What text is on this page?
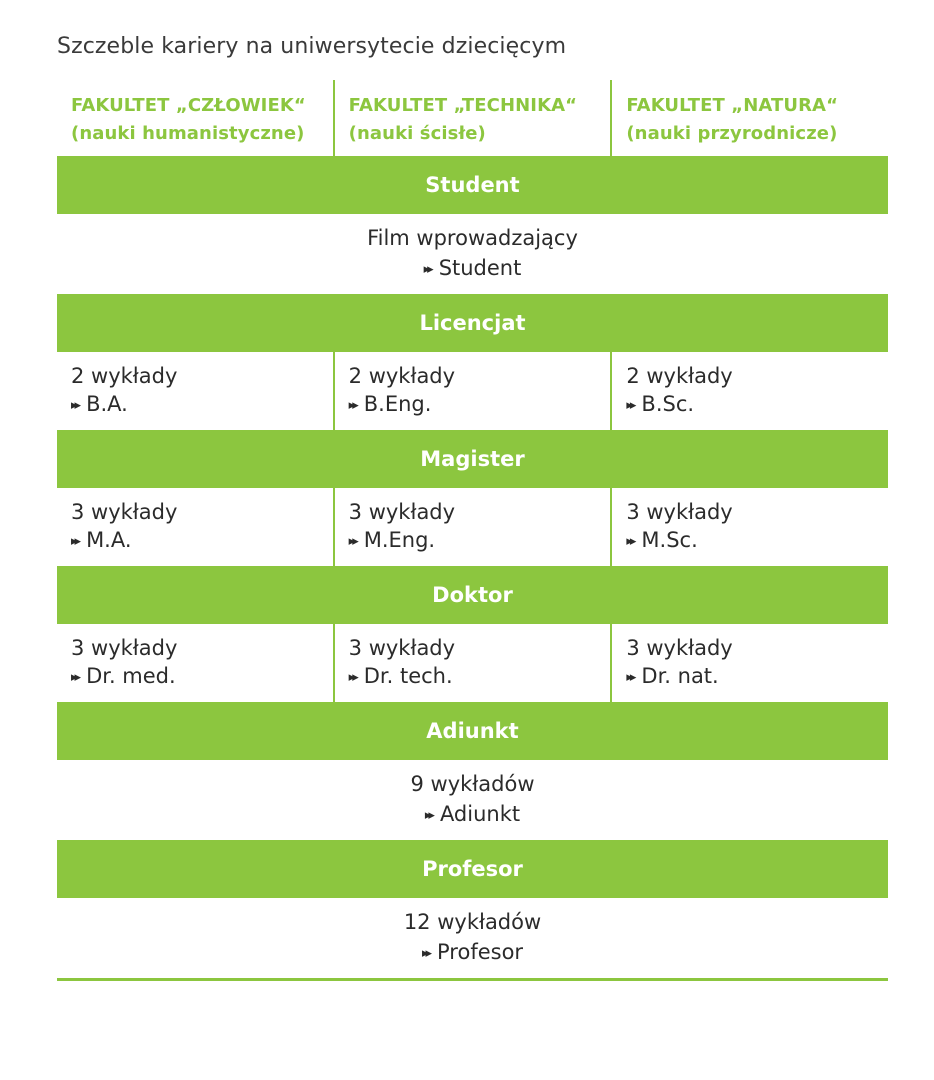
Szczeble kariery na uniwersytecie dziecięcym
FAKULTET „CZŁOWIEK“
(nauki humanistyczne)
FAKULTET „TECHNIKA“
(nauki ścisłe)
FAKULTET „NATURA“
(nauki przyrodnicze)
Student
Film wprowadzający
▸▸ Student
Licencjat
2 wykłady
▸▸ B.A.
2 wykłady
▸▸ B.Eng.
2 wykłady
▸▸ B.Sc.
Magister
3 wykłady
▸▸ M.A.
3 wykłady
▸▸ M.Eng.
3 wykłady
▸▸ M.Sc.
Doktor
3 wykłady
▸▸ Dr. med.
3 wykłady
▸▸ Dr. tech.
3 wykłady
▸▸ Dr. nat.
Adiunkt
9 wykładów
▸▸ Adiunkt
Profesor
12 wykładów
▸▸ Profesor
